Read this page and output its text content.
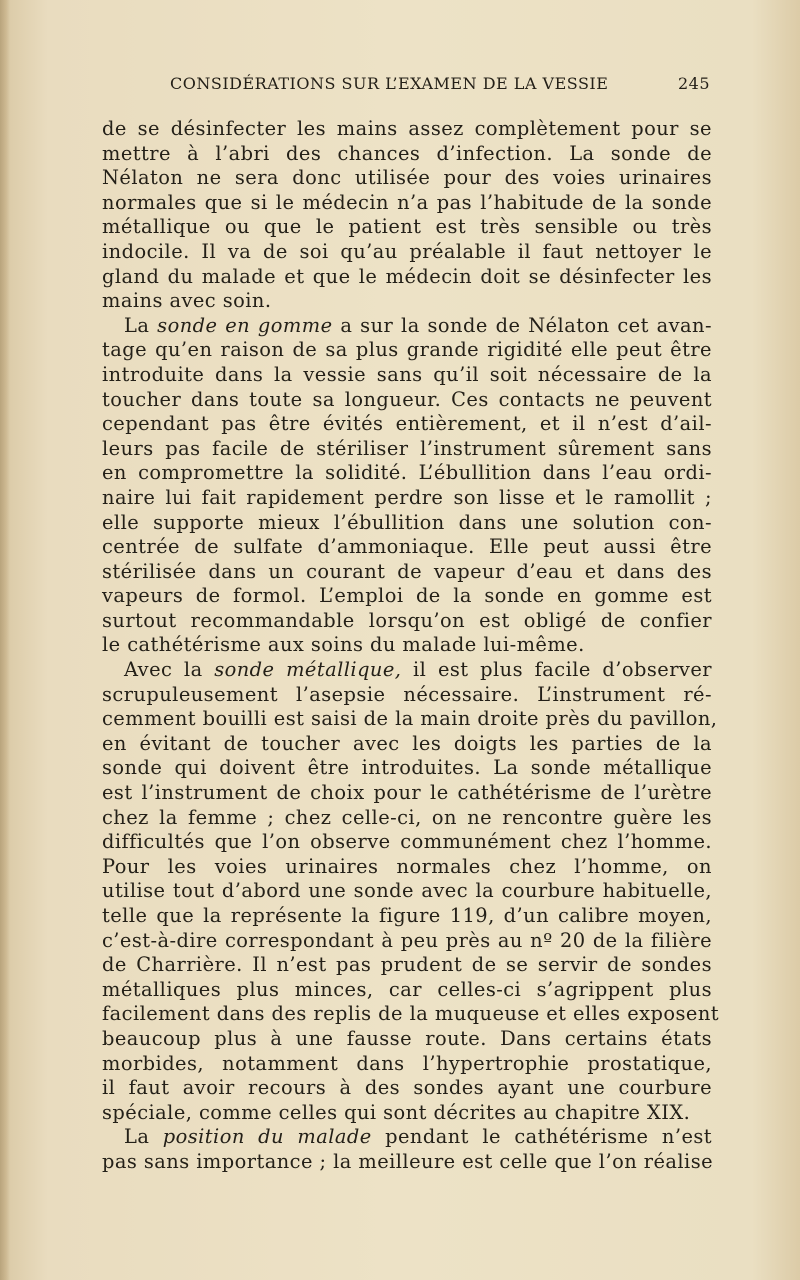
CONSIDÉRATIONS SUR L’EXAMEN DE LA VESSIE	245
de se désinfecter les mains assez complètement pour se
mettre à l’abri des chances d’infection. La sonde de
Nélaton ne sera donc utilisée pour des voies urinaires
normales que si le médecin n’a pas l’habitude de la sonde
métallique ou que le patient est très sensible ou très
indocile. Il va de soi qu’au préalable il faut nettoyer le
gland du malade et que le médecin doit se désinfecter les
mains avec soin.
La sonde en gomme a sur la sonde de Nélaton cet avan-
tage qu’en raison de sa plus grande rigidité elle peut être
introduite dans la vessie sans qu’il soit nécessaire de la
toucher dans toute sa longueur. Ces contacts ne peuvent
cependant pas être évités entièrement, et il n’est d’ail-
leurs pas facile de stériliser l’instrument sûrement sans
en compromettre la solidité. L’ébullition dans l’eau ordi-
naire lui fait rapidement perdre son lisse et le ramollit ;
elle supporte mieux l’ébullition dans une solution con-
centrée de sulfate d’ammoniaque. Elle peut aussi être
stérilisée dans un courant de vapeur d’eau et dans des
vapeurs de formol. L’emploi de la sonde en gomme est
surtout recommandable lorsqu’on est obligé de confier
le cathétérisme aux soins du malade lui-même.
Avec la sonde métallique, il est plus facile d’observer
scrupuleusement l’asepsie nécessaire. L’instrument ré-
cemment bouilli est saisi de la main droite près du pavillon,
en évitant de toucher avec les doigts les parties de la
sonde qui doivent être introduites. La sonde métallique
est l’instrument de choix pour le cathétérisme de l’urètre
chez la femme ; chez celle-ci, on ne rencontre guère les
difficultés que l’on observe communément chez l’homme.
Pour les voies urinaires normales chez l’homme, on
utilise tout d’abord une sonde avec la courbure habituelle,
telle que la représente la figure 119, d’un calibre moyen,
c’est-à-dire correspondant à peu près au nº 20 de la filière
de Charrière. Il n’est pas prudent de se servir de sondes
métalliques plus minces, car celles-ci s’agrippent plus
facilement dans des replis de la muqueuse et elles exposent
beaucoup plus à une fausse route. Dans certains états
morbides, notamment dans l’hypertrophie prostatique,
il faut avoir recours à des sondes ayant une courbure
spéciale, comme celles qui sont décrites au chapitre XIX.
La position du malade pendant le cathétérisme n’est
pas sans importance ; la meilleure est celle que l’on réalise
